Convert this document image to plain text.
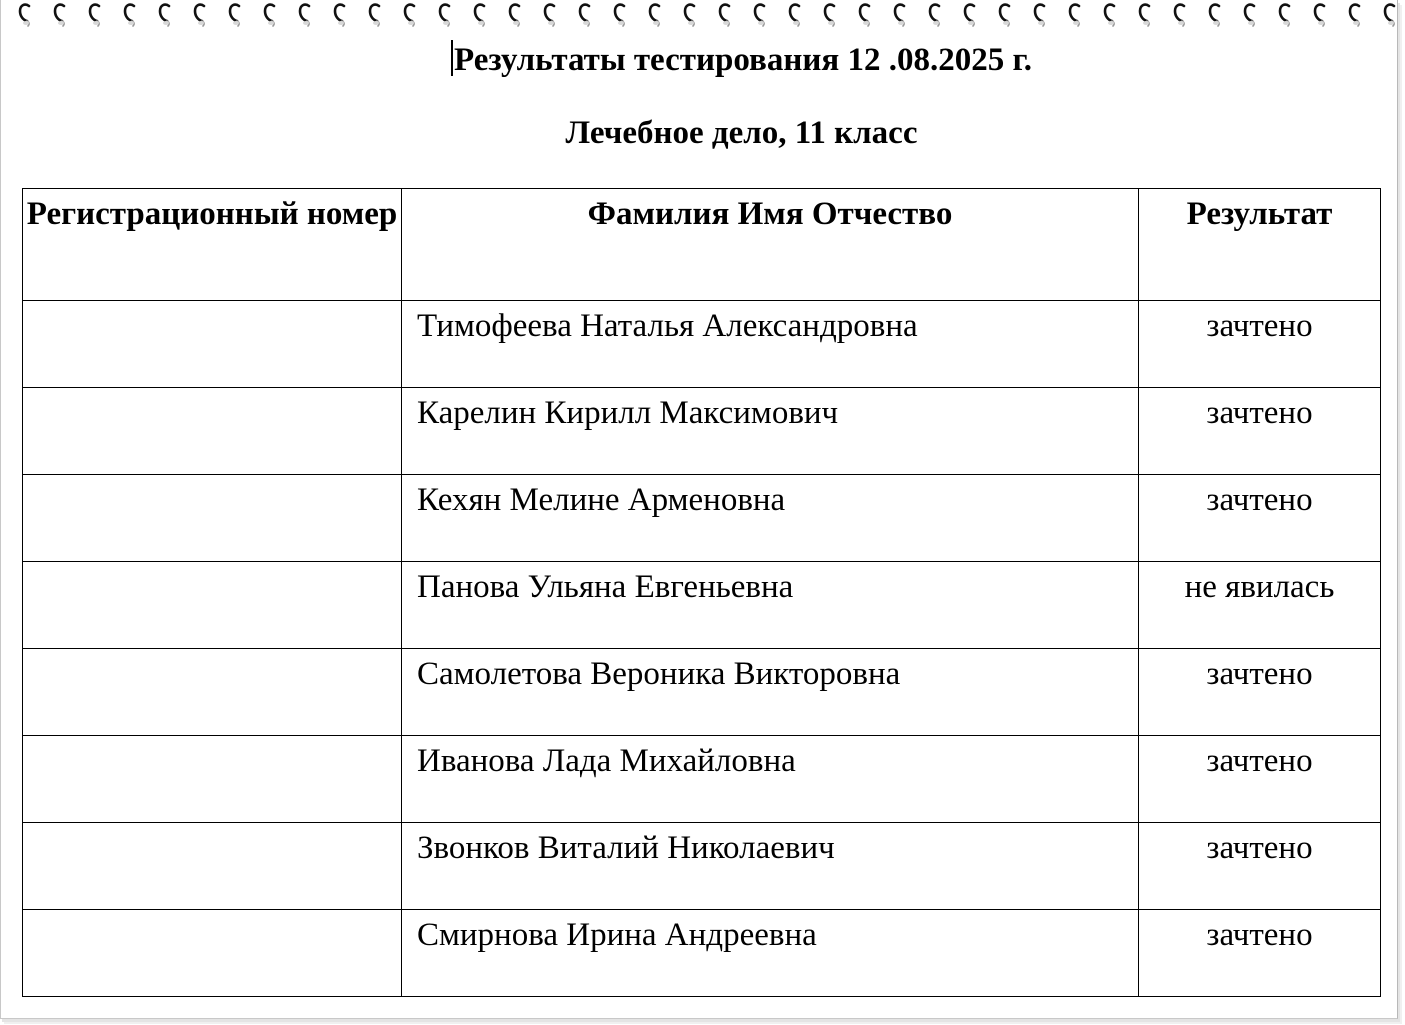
Результаты тестирования 12 .08.2025 г.
Лечебное дело, 11 класс
Регистрационный номер	Фамилия Имя Отчество	Результат
	Тимофеева Наталья Александровна	зачтено
	Карелин Кирилл Максимович	зачтено
	Кехян Мелине Арменовна	зачтено
	Панова Ульяна Евгеньевна	не явилась
	Самолетова Вероника Викторовна	зачтено
	Иванова Лада Михайловна	зачтено
	Звонков Виталий Николаевич	зачтено
	Смирнова Ирина Андреевна	зачтено
